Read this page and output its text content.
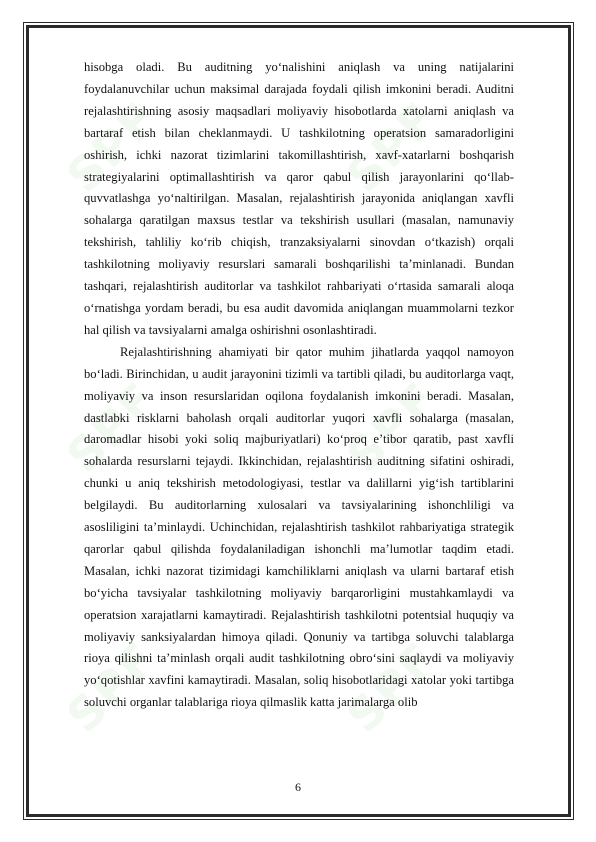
SPF	SPF
SPF	SPF
SPF	SPF

hisobga oladi. Bu auditning yo‘nalishini aniqlash va uning natijalarini foydalanuvchilar uchun maksimal darajada foydali qilish imkonini beradi. Auditni rejalashtirishning asosiy maqsadlari moliyaviy hisobotlarda xatolarni aniqlash va bartaraf etish bilan cheklanmaydi. U tashkilotning operatsion samaradorligini oshirish, ichki nazorat tizimlarini takomillashtirish, xavf-xatarlarni boshqarish strategiyalarini optimallashtirish va qaror qabul qilish jarayonlarini qo‘llab-quvvatlashga yo‘naltirilgan. Masalan, rejalashtirish jarayonida aniqlangan xavfli sohalarga qaratilgan maxsus testlar va tekshirish usullari (masalan, namunaviy tekshirish, tahliliy ko‘rib chiqish, tranzaksiyalarni sinovdan o‘tkazish) orqali tashkilotning moliyaviy resurslari samarali boshqarilishi ta’minlanadi. Bundan tashqari, rejalashtirish auditorlar va tashkilot rahbariyati o‘rtasida samarali aloqa o‘rnatishga yordam beradi, bu esa audit davomida aniqlangan muammolarni tezkor hal qilish va tavsiyalarni amalga oshirishni osonlashtiradi.

Rejalashtirishning ahamiyati bir qator muhim jihatlarda yaqqol namoyon bo‘ladi. Birinchidan, u audit jarayonini tizimli va tartibli qiladi, bu auditorlarga vaqt, moliyaviy va inson resurslaridan oqilona foydalanish imkonini beradi. Masalan, dastlabki risklarni baholash orqali auditorlar yuqori xavfli sohalarga (masalan, daromadlar hisobi yoki soliq majburiyatlari) ko‘proq e’tibor qaratib, past xavfli sohalarda resurslarni tejaydi. Ikkinchidan, rejalashtirish auditning sifatini oshiradi, chunki u aniq tekshirish metodologiyasi, testlar va dalillarni yig‘ish tartiblarini belgilaydi. Bu auditorlarning xulosalari va tavsiyalarining ishonchliligi va asosliligini ta’minlaydi. Uchinchidan, rejalashtirish tashkilot rahbariyatiga strategik qarorlar qabul qilishda foydalaniladigan ishonchli ma’lumotlar taqdim etadi. Masalan, ichki nazorat tizimidagi kamchiliklarni aniqlash va ularni bartaraf etish bo‘yicha tavsiyalar tashkilotning moliyaviy barqarorligini mustahkamlaydi va operatsion xarajatlarni kamaytiradi. Rejalashtirish tashkilotni potentsial huquqiy va moliyaviy sanksiyalardan himoya qiladi. Qonuniy va tartibga soluvchi talablarga rioya qilishni ta’minlash orqali audit tashkilotning obro‘sini saqlaydi va moliyaviy yo‘qotishlar xavfini kamaytiradi. Masalan, soliq hisobotlaridagi xatolar yoki tartibga soluvchi organlar talablariga rioya qilmaslik katta jarimalarga olib

6
